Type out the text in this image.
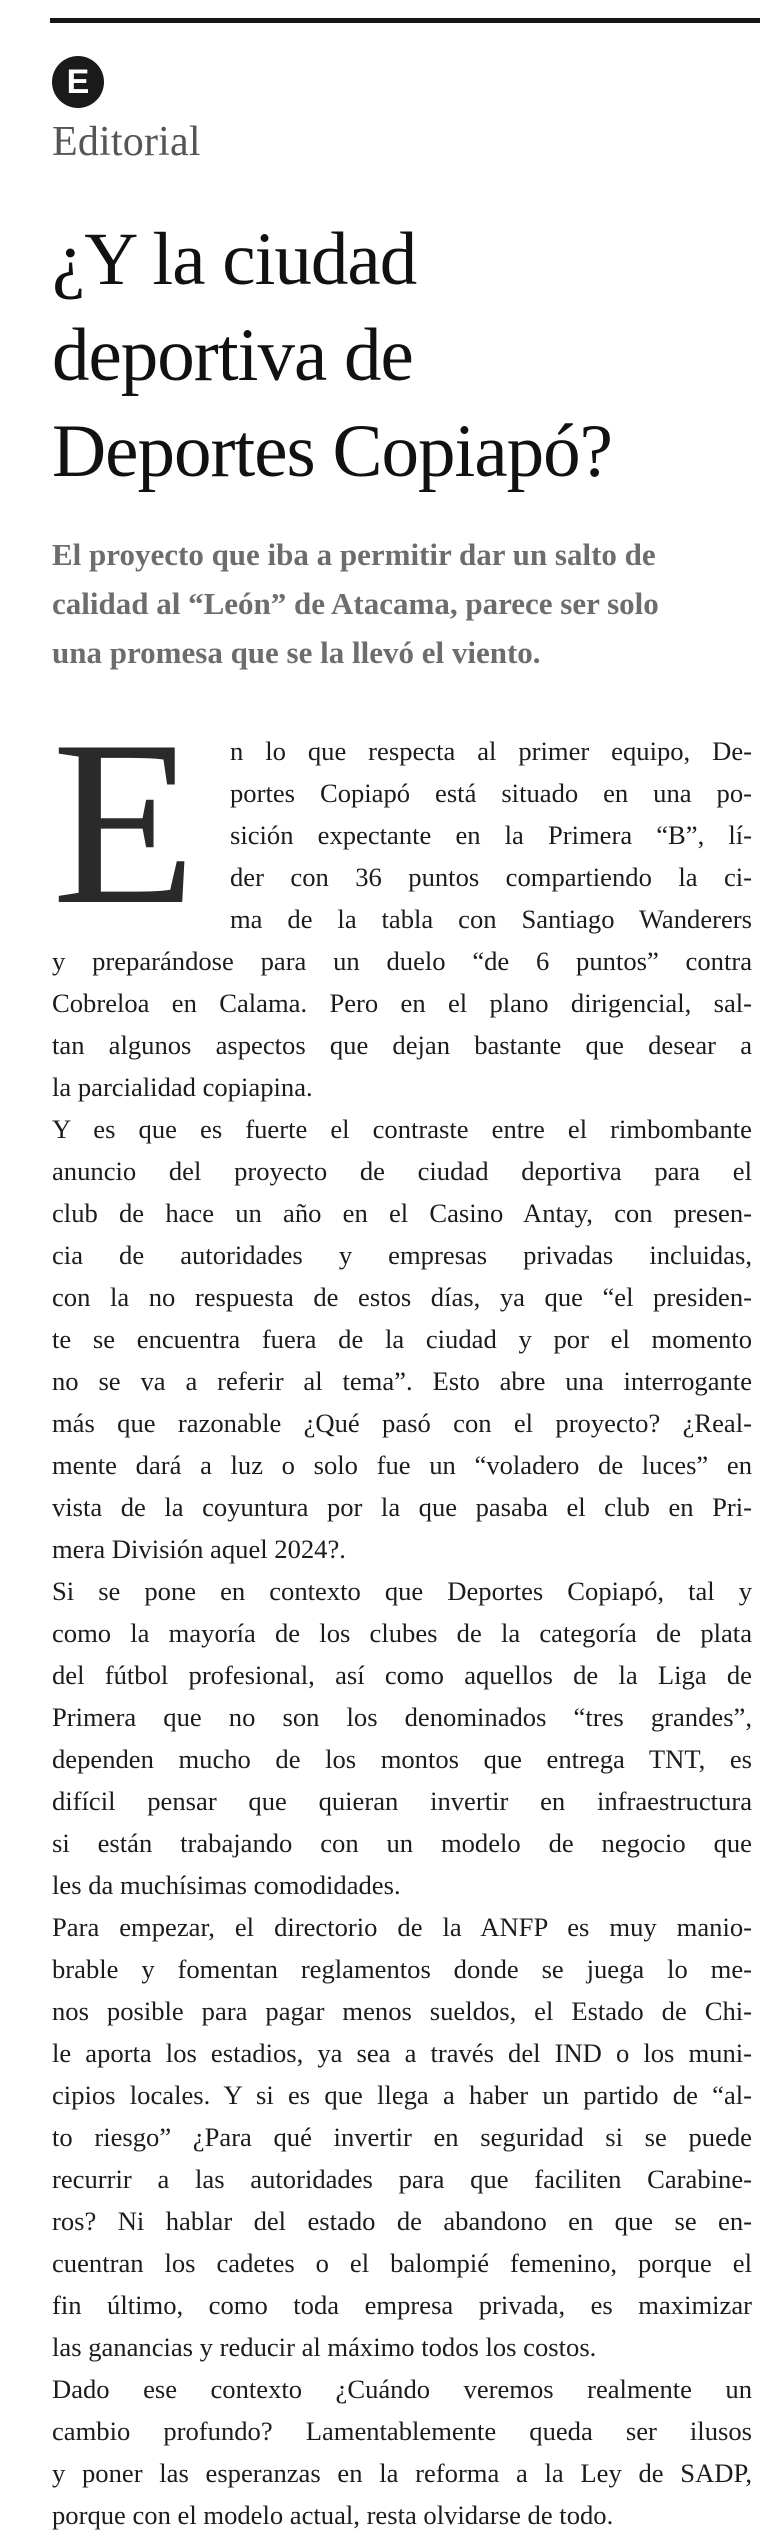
E
Editorial
¿Y la ciudad
deportiva de
Deportes Copiapó?
El proyecto que iba a permitir dar un salto de
calidad al “León” de Atacama, parece ser solo
una promesa que se la llevó el viento.
E	n lo que respecta al primer equipo, De-
portes Copiapó está situado en una po-
sición expectante en la Primera “B”, lí-
der con 36 puntos compartiendo la ci-
ma de la tabla con Santiago Wanderers
y preparándose para un duelo “de 6 puntos” contra
Cobreloa en Calama. Pero en el plano dirigencial, sal-
tan algunos aspectos que dejan bastante que desear a
la parcialidad copiapina.
Y es que es fuerte el contraste entre el rimbombante
anuncio del proyecto de ciudad deportiva para el
club de hace un año en el Casino Antay, con presen-
cia de autoridades y empresas privadas incluidas,
con la no respuesta de estos días, ya que “el presiden-
te se encuentra fuera de la ciudad y por el momento
no se va a referir al tema”. Esto abre una interrogante
más que razonable ¿Qué pasó con el proyecto? ¿Real-
mente dará a luz o solo fue un “voladero de luces” en
vista de la coyuntura por la que pasaba el club en Pri-
mera División aquel 2024?.
Si se pone en contexto que Deportes Copiapó, tal y
como la mayoría de los clubes de la categoría de plata
del fútbol profesional, así como aquellos de la Liga de
Primera que no son los denominados “tres grandes”,
dependen mucho de los montos que entrega TNT, es
difícil pensar que quieran invertir en infraestructura
si están trabajando con un modelo de negocio que
les da muchísimas comodidades.
Para empezar, el directorio de la ANFP es muy manio-
brable y fomentan reglamentos donde se juega lo me-
nos posible para pagar menos sueldos, el Estado de Chi-
le aporta los estadios, ya sea a través del IND o los muni-
cipios locales. Y si es que llega a haber un partido de “al-
to riesgo” ¿Para qué invertir en seguridad si se puede
recurrir a las autoridades para que faciliten Carabine-
ros? Ni hablar del estado de abandono en que se en-
cuentran los cadetes o el balompié femenino, porque el
fin último, como toda empresa privada, es maximizar
las ganancias y reducir al máximo todos los costos.
Dado ese contexto ¿Cuándo veremos realmente un
cambio profundo? Lamentablemente queda ser ilusos
y poner las esperanzas en la reforma a la Ley de SADP,
porque con el modelo actual, resta olvidarse de todo.
